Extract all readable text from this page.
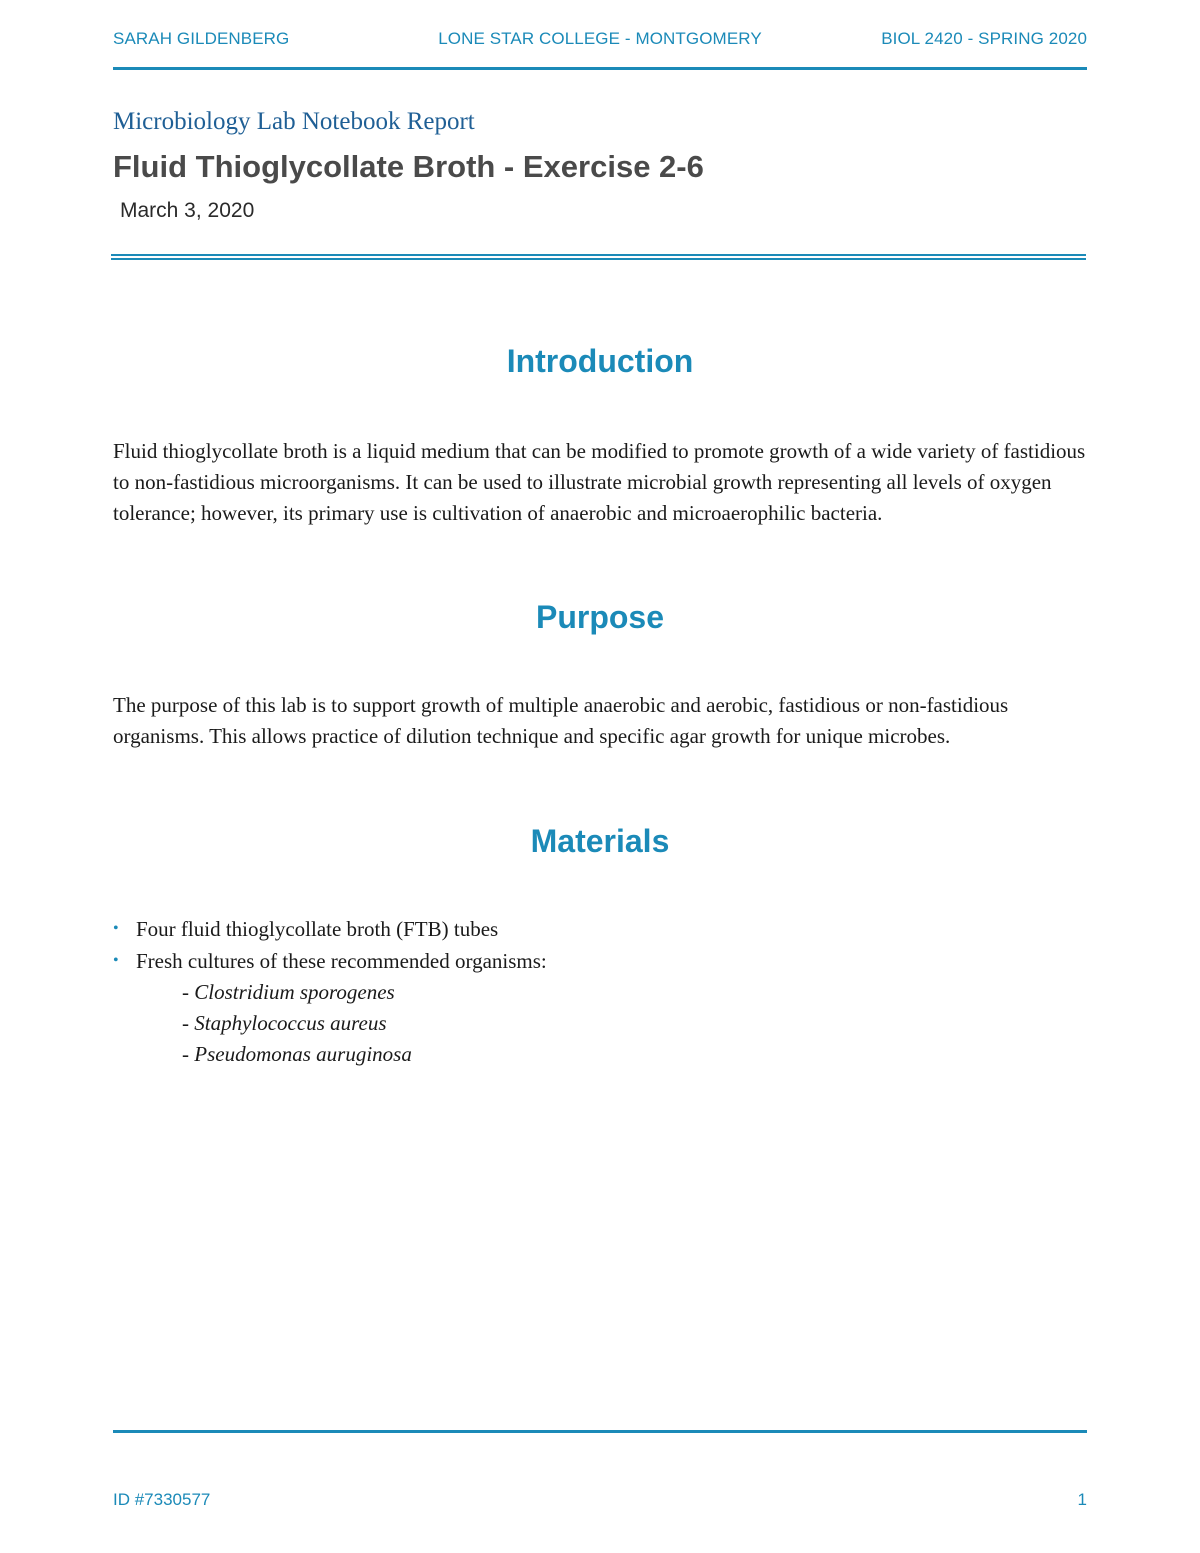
SARAH GILDENBERG	LONE STAR COLLEGE - MONTGOMERY	BIOL 2420 - SPRING 2020
Microbiology Lab Notebook Report
Fluid Thioglycollate Broth - Exercise 2-6
March 3, 2020
Introduction
Fluid thioglycollate broth is a liquid medium that can be modified to promote growth of a wide variety of fastidious to non-fastidious microorganisms. It can be used to illustrate microbial growth representing all levels of oxygen tolerance; however, its primary use is cultivation of anaerobic and microaerophilic bacteria.
Purpose
The purpose of this lab is to support growth of multiple anaerobic and aerobic, fastidious or non-fastidious organisms. This allows practice of dilution technique and specific agar growth for unique microbes.
Materials
• Four fluid thioglycollate broth (FTB) tubes
• Fresh cultures of these recommended organisms:
- Clostridium sporogenes
- Staphylococcus aureus
- Pseudomonas auruginosa
ID #7330577	1
